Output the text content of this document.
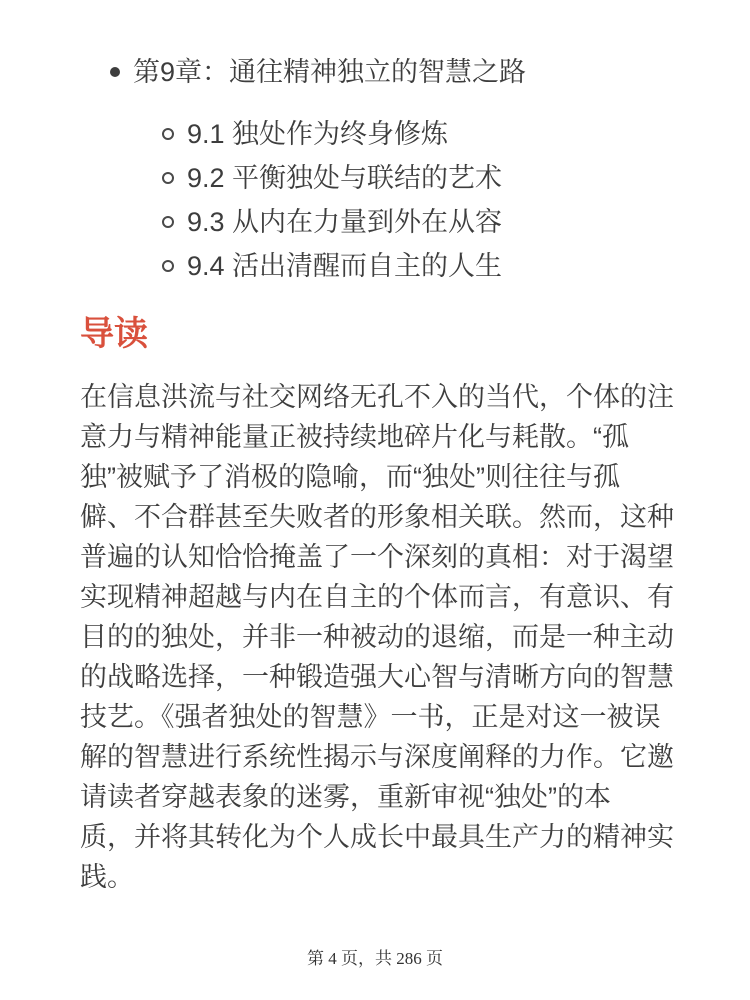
第9章：通往精神独立的智慧之路
9.1 独处作为终身修炼
9.2 平衡独处与联结的艺术
9.3 从内在力量到外在从容
9.4 活出清醒而自主的人生
导读
在信息洪流与社交网络无孔不入的当代，个体的注
意力与精神能量正被持续地碎片化与耗散。“孤
独”被赋予了消极的隐喻，而“独处”则往往与孤
僻、不合群甚至失败者的形象相关联。然而，这种
普遍的认知恰恰掩盖了一个深刻的真相：对于渴望
实现精神超越与内在自主的个体而言，有意识、有
目的的独处，并非一种被动的退缩，而是一种主动
的战略选择，一种锻造强大心智与清晰方向的智慧
技艺。《强者独处的智慧》一书，正是对这一被误
解的智慧进行系统性揭示与深度阐释的力作。它邀
请读者穿越表象的迷雾，重新审视“独处”的本
质，并将其转化为个人成长中最具生产力的精神实
践。
第 4 页，共 286 页
